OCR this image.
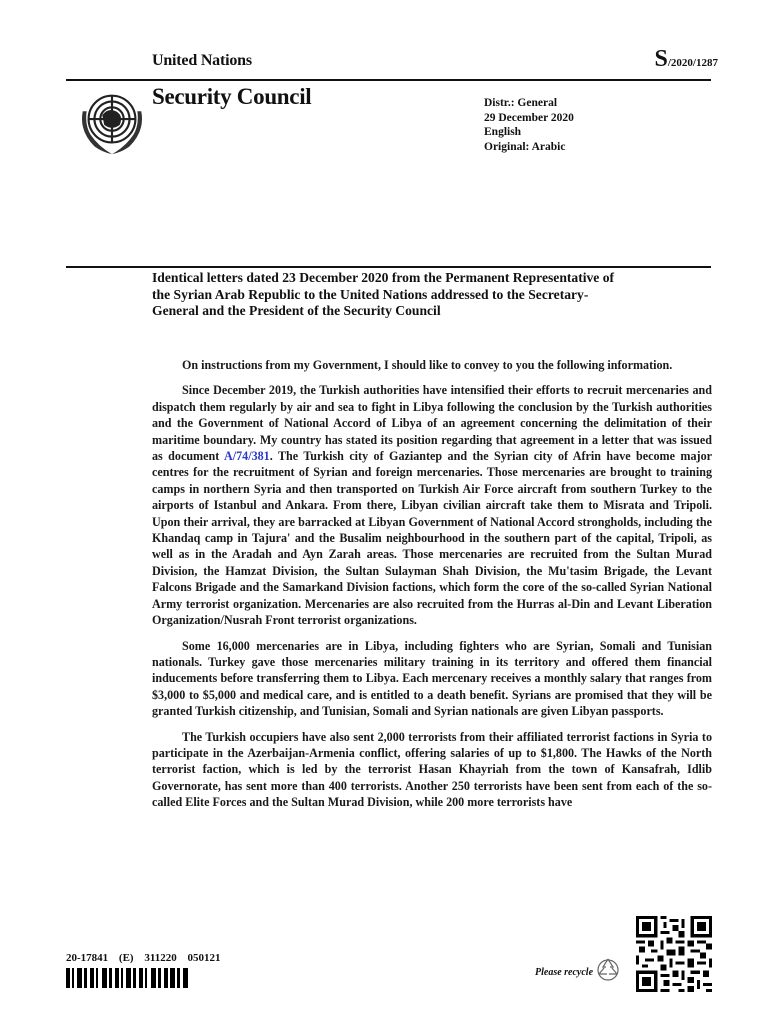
United Nations	S/2020/1287
Security Council	Distr.: General
29 December 2020
English
Original: Arabic
Identical letters dated 23 December 2020 from the Permanent Representative of the Syrian Arab Republic to the United Nations addressed to the Secretary-General and the President of the Security Council

On instructions from my Government, I should like to convey to you the following information.

Since December 2019, the Turkish authorities have intensified their efforts to recruit mercenaries and dispatch them regularly by air and sea to fight in Libya following the conclusion by the Turkish authorities and the Government of National Accord of Libya of an agreement concerning the delimitation of their maritime boundary. My country has stated its position regarding that agreement in a letter that was issued as document A/74/381. The Turkish city of Gaziantep and the Syrian city of Afrin have become major centres for the recruitment of Syrian and foreign mercenaries. Those mercenaries are brought to training camps in northern Syria and then transported on Turkish Air Force aircraft from southern Turkey to the airports of Istanbul and Ankara. From there, Libyan civilian aircraft take them to Misrata and Tripoli. Upon their arrival, they are barracked at Libyan Government of National Accord strongholds, including the Khandaq camp in Tajura' and the Busalim neighbourhood in the southern part of the capital, Tripoli, as well as in the Aradah and Ayn Zarah areas. Those mercenaries are recruited from the Sultan Murad Division, the Hamzat Division, the Sultan Sulayman Shah Division, the Mu'tasim Brigade, the Levant Falcons Brigade and the Samarkand Division factions, which form the core of the so-called Syrian National Army terrorist organization. Mercenaries are also recruited from the Hurras al-Din and Levant Liberation Organization/Nusrah Front terrorist organizations.

Some 16,000 mercenaries are in Libya, including fighters who are Syrian, Somali and Tunisian nationals. Turkey gave those mercenaries military training in its territory and offered them financial inducements before transferring them to Libya. Each mercenary receives a monthly salary that ranges from $3,000 to $5,000 and medical care, and is entitled to a death benefit. Syrians are promised that they will be granted Turkish citizenship, and Tunisian, Somali and Syrian nationals are given Libyan passports.

The Turkish occupiers have also sent 2,000 terrorists from their affiliated terrorist factions in Syria to participate in the Azerbaijan-Armenia conflict, offering salaries of up to $1,800. The Hawks of the North terrorist faction, which is led by the terrorist Hasan Khayriah from the town of Kansafrah, Idlib Governorate, has sent more than 400 terrorists. Another 250 terrorists have been sent from each of the so-called Elite Forces and the Sultan Murad Division, while 200 more terrorists have

20-17841 (E) 311220 050121
Please recycle
